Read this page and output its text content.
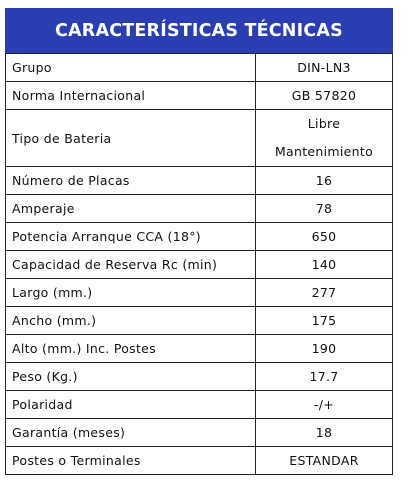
CARACTERÍSTICAS TÉCNICAS
Grupo	DIN-LN3
Norma Internacional	GB 57820
Tipo de Bateria	Libre
Mantenimiento

Número de Placas	16
Amperaje	78
Potencia Arranque CCA (18°)	650
Capacidad de Reserva Rc (min)	140
Largo (mm.)	277
Ancho (mm.)	175
Alto (mm.) Inc. Postes	190
Peso (Kg.)	17.7
Polaridad	-/+
Garantía (meses)	18
Postes o Terminales	ESTANDAR
